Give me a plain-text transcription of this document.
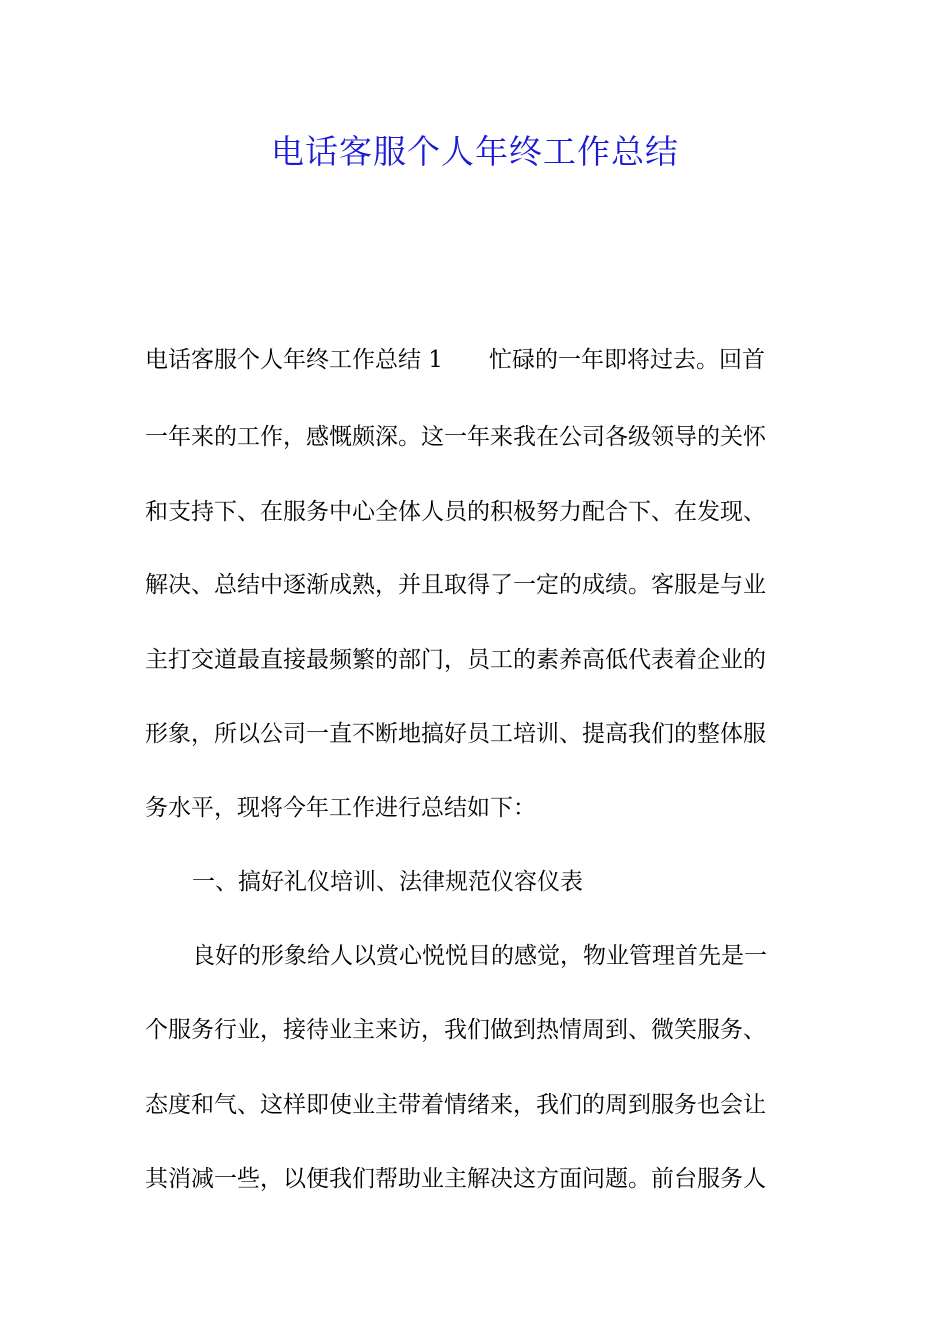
电话客服个人年终工作总结
电话客服个人年终工作总结 1　　忙碌的一年即将过去。回首
一年来的工作，感慨颇深。这一年来我在公司各级领导的关怀
和支持下、在服务中心全体人员的积极努力配合下、在发现、
解决、总结中逐渐成熟，并且取得了一定的成绩。客服是与业
主打交道最直接最频繁的部门，员工的素养高低代表着企业的
形象，所以公司一直不断地搞好员工培训、提高我们的整体服
务水平，现将今年工作进行总结如下：
一、搞好礼仪培训、法律规范仪容仪表
良好的形象给人以赏心悦悦目的感觉，物业管理首先是一
个服务行业，接待业主来访，我们做到热情周到、微笑服务、
态度和气、这样即使业主带着情绪来，我们的周到服务也会让
其消减一些，以便我们帮助业主解决这方面问题。前台服务人
